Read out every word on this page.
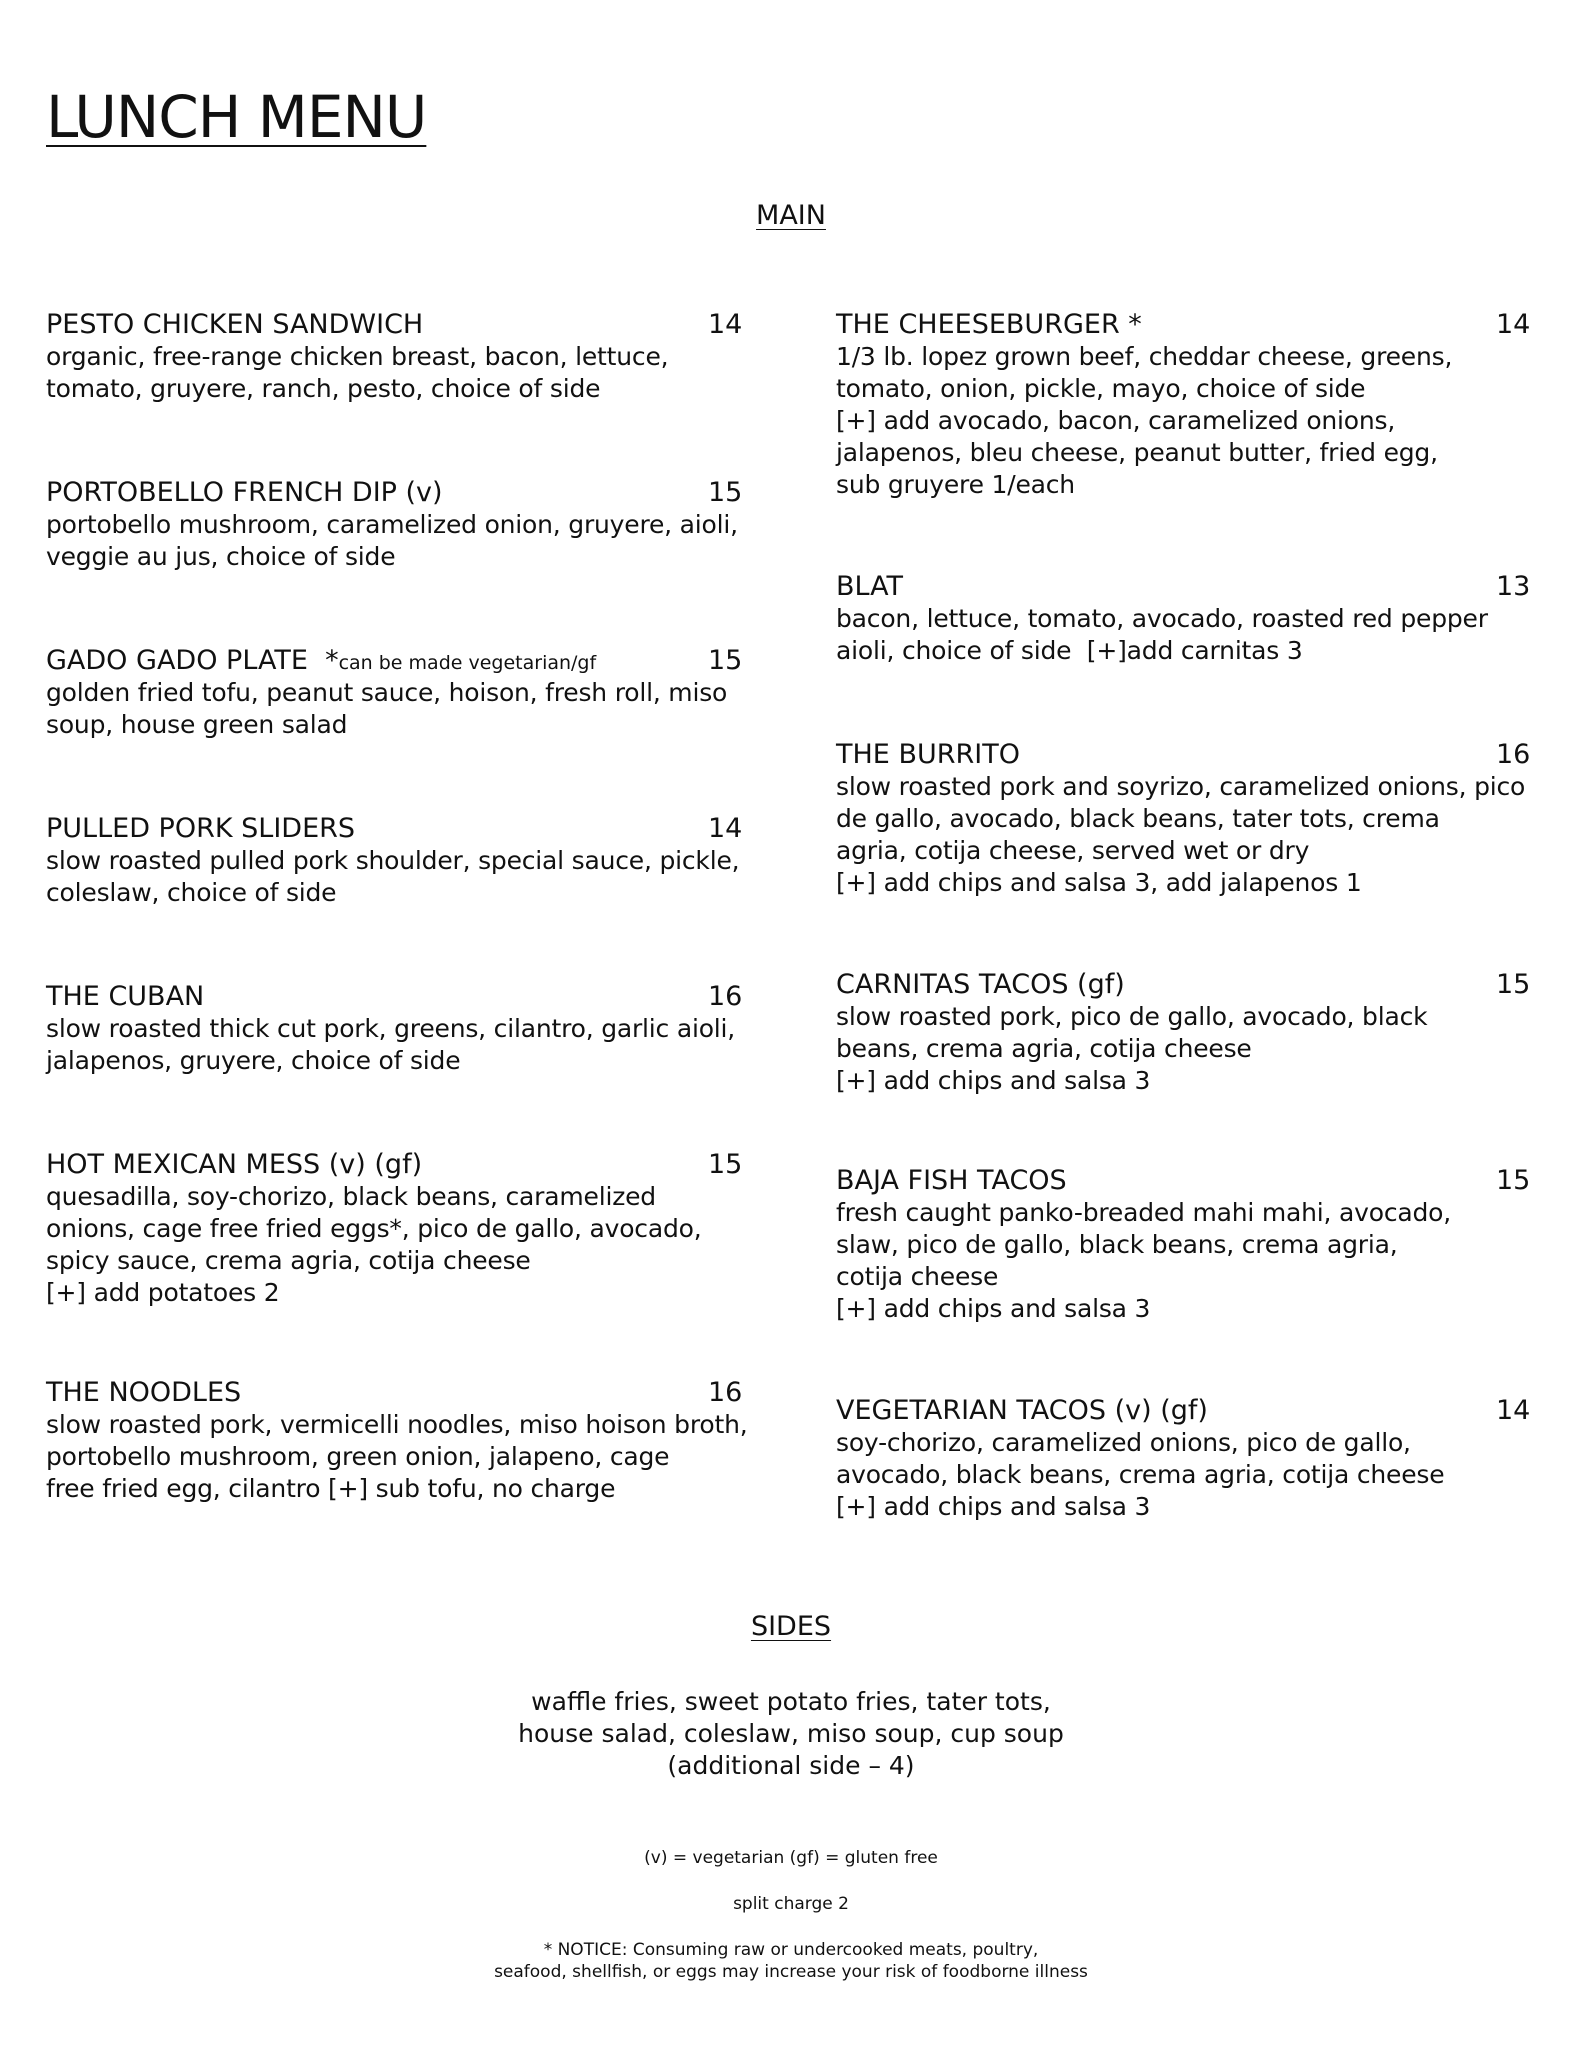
LUNCH MENU
MAIN
PESTO CHICKEN SANDWICH	14
organic, free-range chicken breast, bacon, lettuce,
tomato, gruyere, ranch, pesto, choice of side
PORTOBELLO FRENCH DIP (v)	15
portobello mushroom, caramelized onion, gruyere, aioli,
veggie au jus, choice of side
GADO GADO PLATE  *can be made vegetarian/gf	15
golden fried tofu, peanut sauce, hoison, fresh roll, miso
soup, house green salad
PULLED PORK SLIDERS	14
slow roasted pulled pork shoulder, special sauce, pickle,
coleslaw, choice of side
THE CUBAN	16
slow roasted thick cut pork, greens, cilantro, garlic aioli,
jalapenos, gruyere, choice of side
HOT MEXICAN MESS (v) (gf)	15
quesadilla, soy-chorizo, black beans, caramelized
onions, cage free fried eggs*, pico de gallo, avocado,
spicy sauce, crema agria, cotija cheese
[+] add potatoes 2
THE NOODLES	16
slow roasted pork, vermicelli noodles, miso hoison broth,
portobello mushroom, green onion, jalapeno, cage
free fried egg, cilantro [+] sub tofu, no charge
THE CHEESEBURGER *	14
1/3 lb. lopez grown beef, cheddar cheese, greens,
tomato, onion, pickle, mayo, choice of side
[+] add avocado, bacon, caramelized onions,
jalapenos, bleu cheese, peanut butter, fried egg,
sub gruyere 1/each
BLAT	13
bacon, lettuce, tomato, avocado, roasted red pepper
aioli, choice of side  [+]add carnitas 3
THE BURRITO	16
slow roasted pork and soyrizo, caramelized onions, pico
de gallo, avocado, black beans, tater tots, crema
agria, cotija cheese, served wet or dry
[+] add chips and salsa 3, add jalapenos 1
CARNITAS TACOS (gf)	15
slow roasted pork, pico de gallo, avocado, black
beans, crema agria, cotija cheese
[+] add chips and salsa 3
BAJA FISH TACOS	15
fresh caught panko-breaded mahi mahi, avocado,
slaw, pico de gallo, black beans, crema agria,
cotija cheese
[+] add chips and salsa 3
VEGETARIAN TACOS (v) (gf)	14
soy-chorizo, caramelized onions, pico de gallo,
avocado, black beans, crema agria, cotija cheese
[+] add chips and salsa 3
SIDES
waffle fries, sweet potato fries, tater tots,
house salad, coleslaw, miso soup, cup soup
(additional side – 4)
(v) = vegetarian (gf) = gluten free
split charge 2
* NOTICE: Consuming raw or undercooked meats, poultry,
seafood, shellfish, or eggs may increase your risk of foodborne illness
